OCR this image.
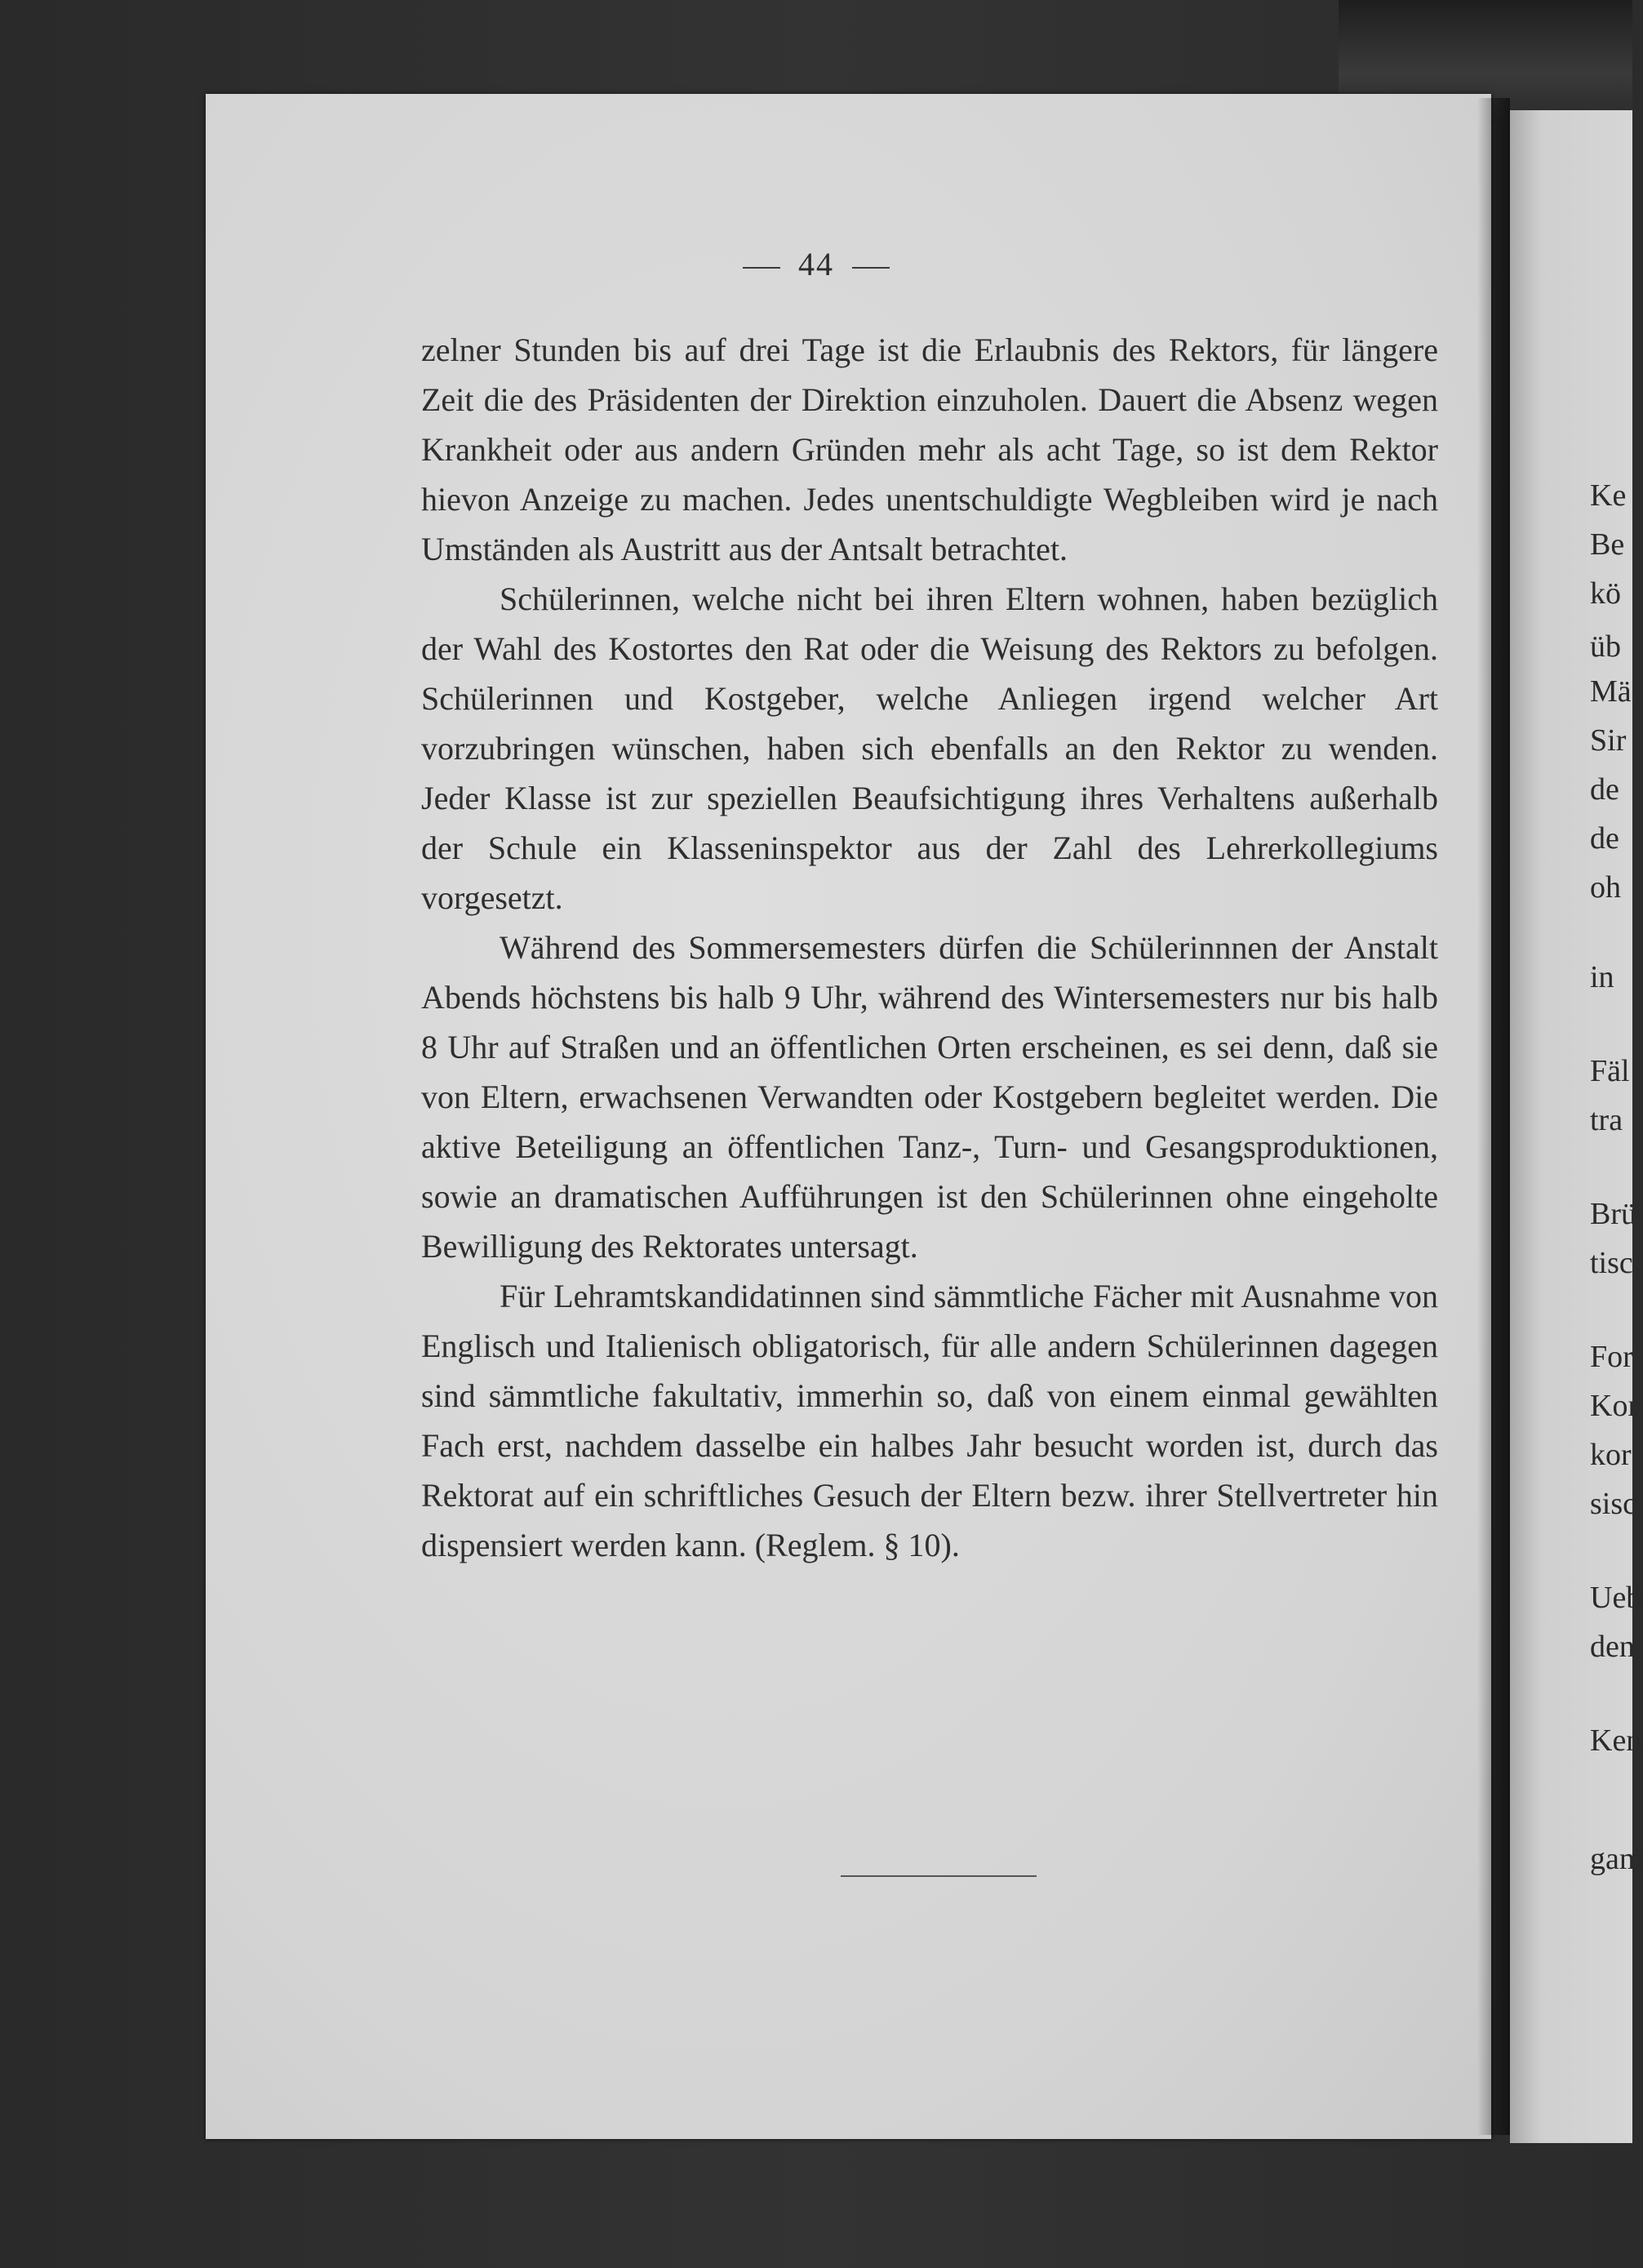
Ke
Be
kö
üb
Mä
Sir
de
de
oh
in
Fäl
tra
Brü
tisc
For
Kor
kor
sisc
Ueb
den
Ken
gam
44

zelner Stunden bis auf drei Tage ist die Erlaubnis des Rektors, für längere Zeit die des Präsidenten der Direktion einzuholen. Dauert die Absenz wegen Krankheit oder aus andern Gründen mehr als acht Tage, so ist dem Rektor hievon Anzeige zu machen. Jedes unentschuldigte Wegbleiben wird je nach Umständen als Austritt aus der Antsalt betrachtet.

Schülerinnen, welche nicht bei ihren Eltern wohnen, haben bezüglich der Wahl des Kostortes den Rat oder die Weisung des Rektors zu befolgen. Schülerinnen und Kostgeber, welche Anliegen irgend welcher Art vorzubringen wünschen, haben sich ebenfalls an den Rektor zu wenden. Jeder Klasse ist zur speziellen Beaufsichtigung ihres Verhaltens außerhalb der Schule ein Klasseninspektor aus der Zahl des Lehrerkollegiums vorgesetzt.

Während des Sommersemesters dürfen die Schülerinnnen der Anstalt Abends höchstens bis halb 9 Uhr, während des Wintersemesters nur bis halb 8 Uhr auf Straßen und an öffentlichen Orten erscheinen, es sei denn, daß sie von Eltern, erwachsenen Verwandten oder Kostgebern begleitet werden. Die aktive Beteiligung an öffentlichen Tanz-, Turn- und Gesangsproduktionen, sowie an dramatischen Aufführungen ist den Schülerinnen ohne eingeholte Bewilligung des Rektorates untersagt.

Für Lehramtskandidatinnen sind sämmtliche Fächer mit Ausnahme von Englisch und Italienisch obligatorisch, für alle andern Schülerinnen dagegen sind sämmtliche fakultativ, immerhin so, daß von einem einmal gewählten Fach erst, nachdem dasselbe ein halbes Jahr besucht worden ist, durch das Rektorat auf ein schriftliches Gesuch der Eltern bezw. ihrer Stellvertreter hin dispensiert werden kann. (Reglem. § 10).
